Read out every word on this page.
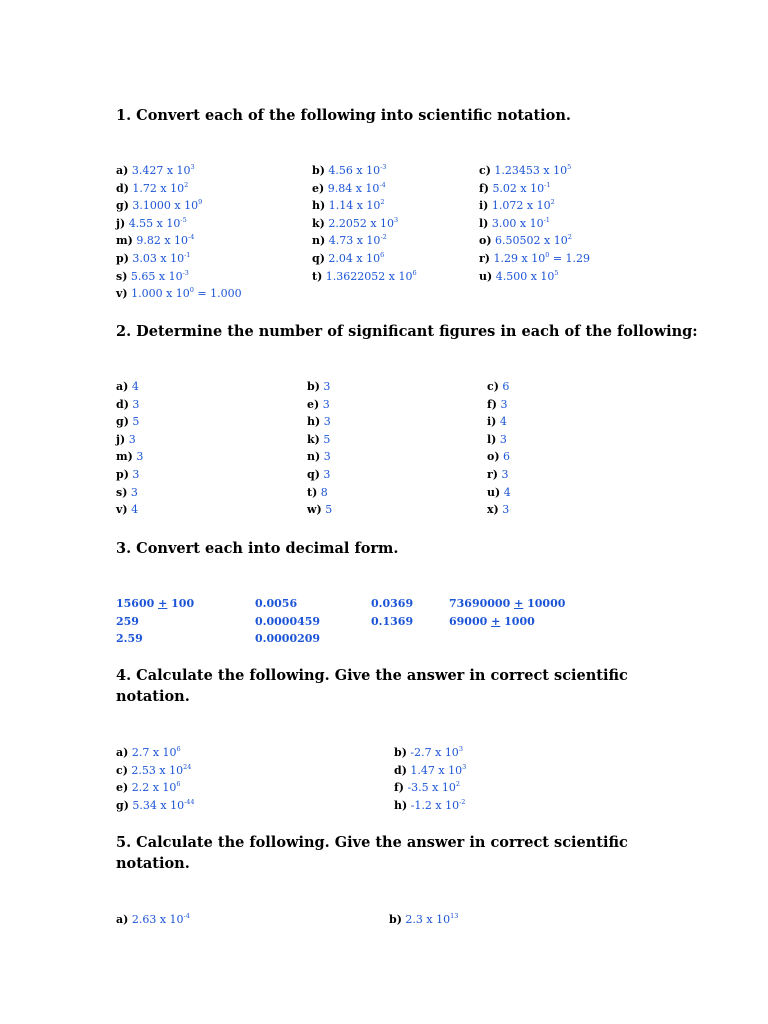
1. Convert each of the following into scientific notation.
a) 3.427 x $10^3$
d) 1.72 x $10^2$
g) 3.1000 x $10^9$
j) 4.55 x $10^{-5}$
m) 9.82 x $10^{-4}$
p) 3.03 x $10^{-1}$
s) 5.65 x $10^{-3}$
v) 1.000 x $10^0 = 1.000$
b) 4.56 x $10^{-3}$
e) 9.84 x $10^{-4}$
h) 1.14 x $10^2$
k) 2.2052 x $10^3$
n) 4.73 x $10^{-2}$
q) 2.04 x $10^6$
t) 1.3622052 x $10^6$
c) 1.23453 x $10^5$
f) 5.02 x $10^{-1}$
i) 1.072 x $10^2$
l) 3.00 x $10^{-1}$
o) 6.50502 x $10^2$
r) 1.29 x $10^0 = 1.29$
u) 4.500 x $10^5$
2. Determine the number of significant figures in each of the following:
a) 4
d) 3
g) 5
j) 3
m) 3
p) 3
s) 3
v) 4
b) 3
e) 3
h) 3
k) 5
n) 3
q) 3
t) 8
w) 5
c) 6
f) 3
i) 4
l) 3
o) 6
r) 3
u) 4
x) 3
3. Convert each into decimal form.
15600 + 100
259
2.59
0.0056
0.0000459
0.0000209
0.0369
0.1369
73690000 + 10000
69000 + 1000
4. Calculate the following. Give the answer in correct scientific
notation.
a) 2.7 x $10^6$
c) 2.53 x $10^{24}$
e) 2.2 x $10^6$
g) 5.34 x $10^{-44}$
b) -2.7 x $10^3$
d) 1.47 x $10^3$
f) -3.5 x $10^2$
h) -1.2 x $10^{-2}$
5. Calculate the following. Give the answer in correct scientific
notation.
a) 2.63 x $10^{-4}$	b) 2.3 x $10^{13}$
